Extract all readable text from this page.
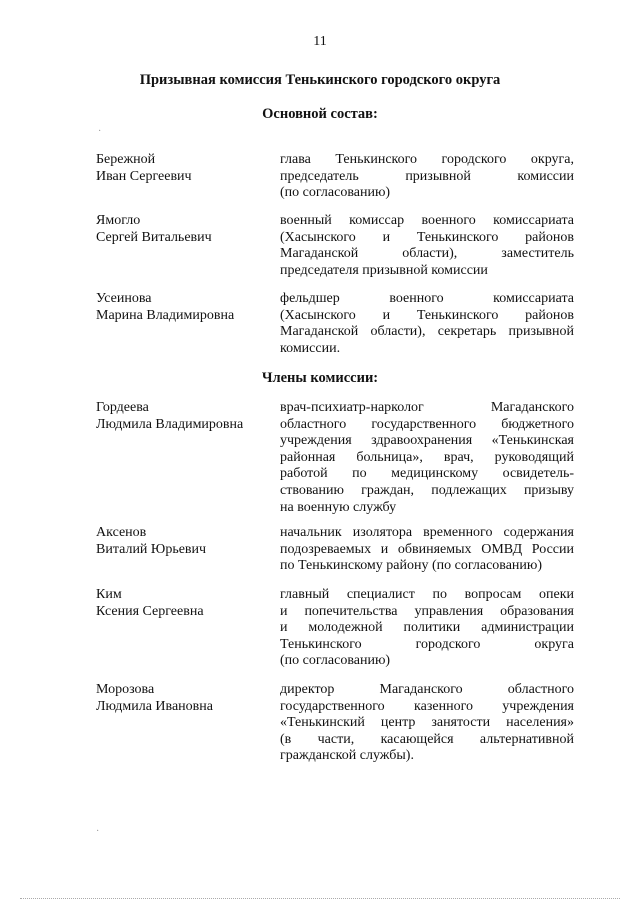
11
Призывная комиссия Тенькинского городского округа
Основной состав:
Бережной
Иван Сергеевич
глава Тенькинского городского округа,
председатель призывной комиссии
(по согласованию)
Ямогло
Сергей Витальевич
военный комиссар военного комиссариата
(Хасынского и Тенькинского районов
Магаданской области), заместитель
председателя призывной комиссии
Усеинова
Марина Владимировна
фельдшер военного комиссариата
(Хасынского и Тенькинского районов
Магаданской области), секретарь призывной
комиссии.
Члены комиссии:
Гордеева
Людмила Владимировна
врач-психиатр-нарколог Магаданского
областного государственного бюджетного
учреждения здравоохранения «Тенькинская
районная больница», врач, руководящий
работой по медицинскому освидетель-
ствованию граждан, подлежащих призыву
на военную службу
Аксенов
Виталий Юрьевич
начальник изолятора временного содержания
подозреваемых и обвиняемых ОМВД России
по Тенькинскому району (по согласованию)
Ким
Ксения Сергеевна
главный специалист по вопросам опеки
и попечительства управления образования
и молодежной политики администрации
Тенькинского городского округа
(по согласованию)
Морозова
Людмила Ивановна
директор Магаданского областного
государственного казенного учреждения
«Тенькинский центр занятости населения»
(в части, касающейся альтернативной
гражданской службы).
·
·
